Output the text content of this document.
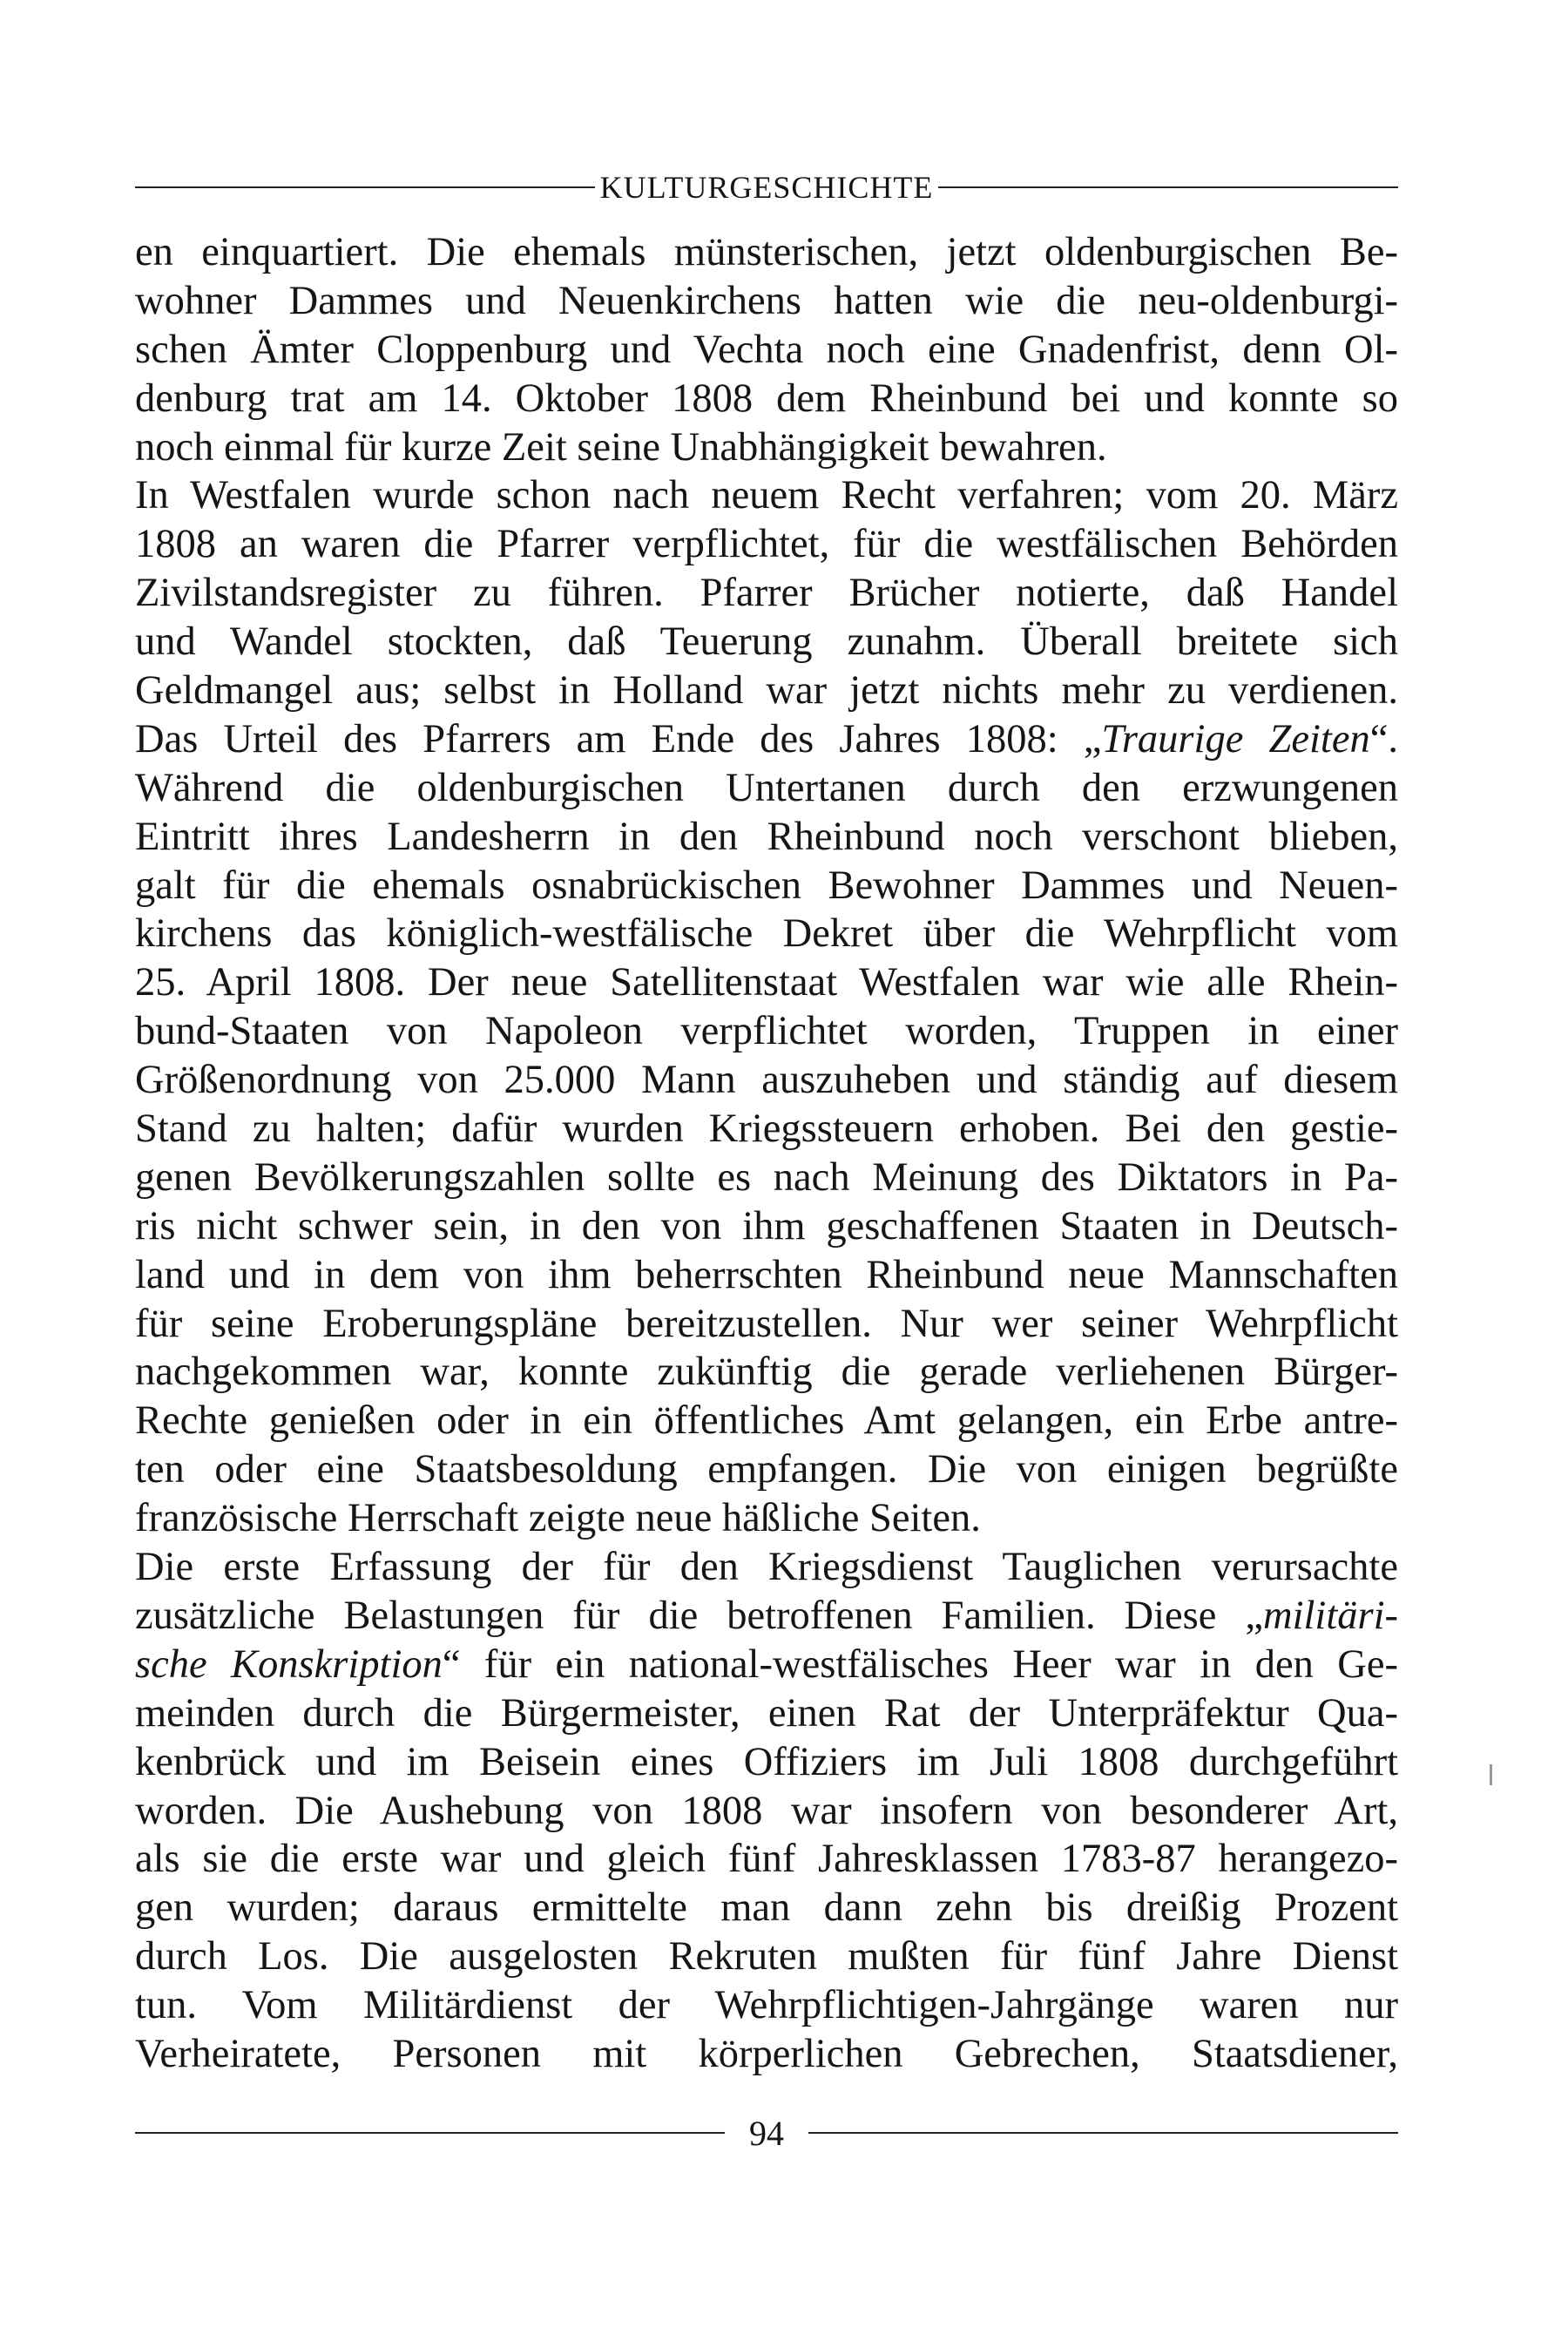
KULTURGESCHICHTE
en einquartiert. Die ehemals münsterischen, jetzt oldenburgischen Be-
wohner Dammes und Neuenkirchens hatten wie die neu-oldenburgi-
schen Ämter Cloppenburg und Vechta noch eine Gnadenfrist, denn Ol-
denburg trat am 14. Oktober 1808 dem Rheinbund bei und konnte so
noch einmal für kurze Zeit seine Unabhängigkeit bewahren.
In Westfalen wurde schon nach neuem Recht verfahren; vom 20. März
1808 an waren die Pfarrer verpflichtet, für die westfälischen Behörden
Zivilstandsregister zu führen. Pfarrer Brücher notierte, daß Handel
und Wandel stockten, daß Teuerung zunahm. Überall breitete sich
Geldmangel aus; selbst in Holland war jetzt nichts mehr zu verdienen.
Das Urteil des Pfarrers am Ende des Jahres 1808: „Traurige Zeiten“.
Während die oldenburgischen Untertanen durch den erzwungenen
Eintritt ihres Landesherrn in den Rheinbund noch verschont blieben,
galt für die ehemals osnabrückischen Bewohner Dammes und Neuen-
kirchens das königlich-westfälische Dekret über die Wehrpflicht vom
25. April 1808. Der neue Satellitenstaat Westfalen war wie alle Rhein-
bund-Staaten von Napoleon verpflichtet worden, Truppen in einer
Größenordnung von 25.000 Mann auszuheben und ständig auf diesem
Stand zu halten; dafür wurden Kriegssteuern erhoben. Bei den gestie-
genen Bevölkerungszahlen sollte es nach Meinung des Diktators in Pa-
ris nicht schwer sein, in den von ihm geschaffenen Staaten in Deutsch-
land und in dem von ihm beherrschten Rheinbund neue Mannschaften
für seine Eroberungspläne bereitzustellen. Nur wer seiner Wehrpflicht
nachgekommen war, konnte zukünftig die gerade verliehenen Bürger-
Rechte genießen oder in ein öffentliches Amt gelangen, ein Erbe antre-
ten oder eine Staatsbesoldung empfangen. Die von einigen begrüßte
französische Herrschaft zeigte neue häßliche Seiten.
Die erste Erfassung der für den Kriegsdienst Tauglichen verursachte
zusätzliche Belastungen für die betroffenen Familien. Diese „militäri-
sche Konskription“ für ein national-westfälisches Heer war in den Ge-
meinden durch die Bürgermeister, einen Rat der Unterpräfektur Qua-
kenbrück und im Beisein eines Offiziers im Juli 1808 durchgeführt
worden. Die Aushebung von 1808 war insofern von besonderer Art,
als sie die erste war und gleich fünf Jahresklassen 1783-87 herangezo-
gen wurden; daraus ermittelte man dann zehn bis dreißig Prozent
durch Los. Die ausgelosten Rekruten mußten für fünf Jahre Dienst
tun. Vom Militärdienst der Wehrpflichtigen-Jahrgänge waren nur
Verheiratete, Personen mit körperlichen Gebrechen, Staatsdiener,
94
